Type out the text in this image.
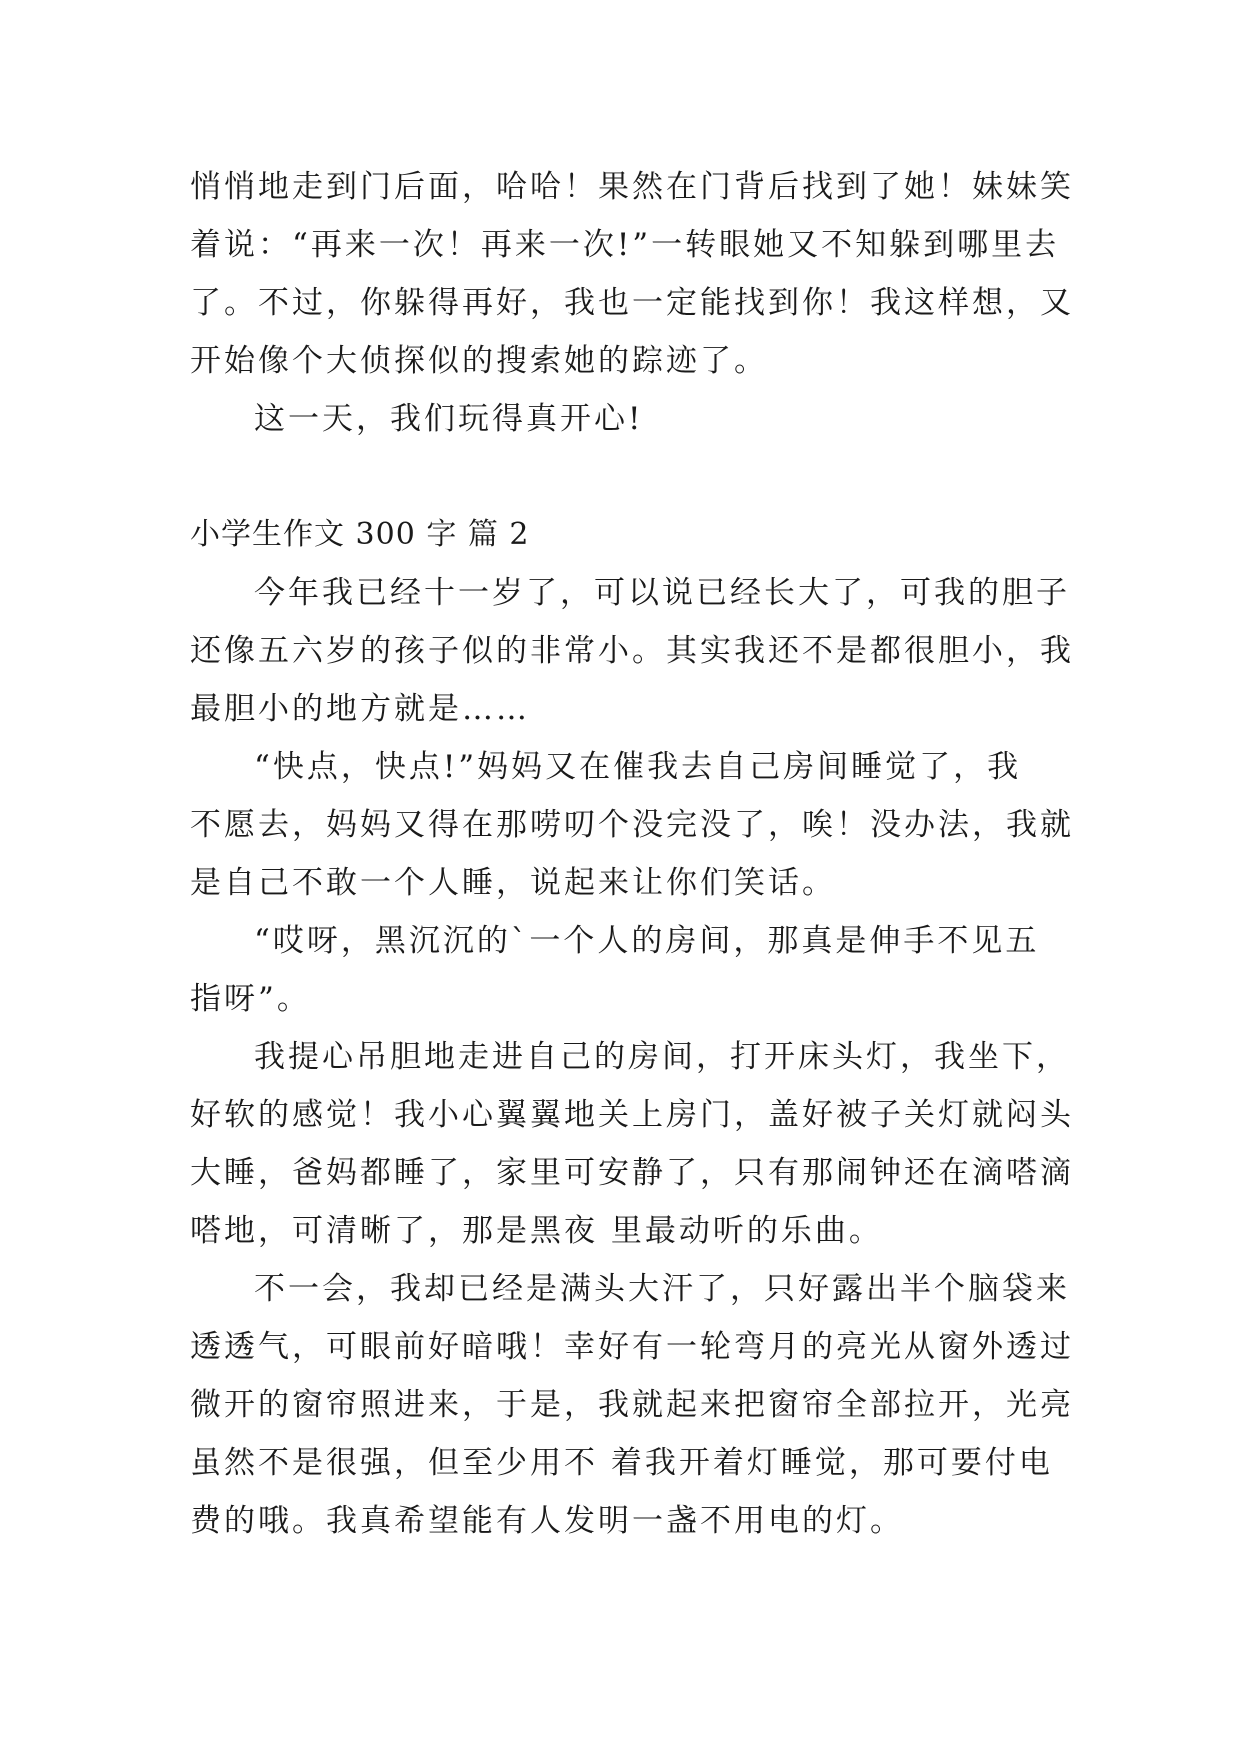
悄悄地走到门后面，哈哈！果然在门背后找到了她！妹妹笑
着说：“再来一次！再来一次!”一转眼她又不知躲到哪里去
了。不过，你躲得再好，我也一定能找到你！我这样想，又
开始像个大侦探似的搜索她的踪迹了。
这一天，我们玩得真开心!
小学生作文 300 字 篇 2
今年我已经十一岁了，可以说已经长大了，可我的胆子
还像五六岁的孩子似的非常小。其实我还不是都很胆小，我
最胆小的地方就是……
“快点，快点!”妈妈又在催我去自己房间睡觉了，我
不愿去，妈妈又得在那唠叨个没完没了，唉！没办法，我就
是自己不敢一个人睡，说起来让你们笑话。
“哎呀，黑沉沉的`一个人的房间，那真是伸手不见五
指呀”。
我提心吊胆地走进自己的房间，打开床头灯，我坐下，
好软的感觉！我小心翼翼地关上房门，盖好被子关灯就闷头
大睡，爸妈都睡了，家里可安静了，只有那闹钟还在滴嗒滴
嗒地，可清晰了，那是黑夜 里最动听的乐曲。
不一会，我却已经是满头大汗了，只好露出半个脑袋来
透透气，可眼前好暗哦！幸好有一轮弯月的亮光从窗外透过
微开的窗帘照进来，于是，我就起来把窗帘全部拉开，光亮
虽然不是很强，但至少用不 着我开着灯睡觉，那可要付电
费的哦。我真希望能有人发明一盏不用电的灯。
